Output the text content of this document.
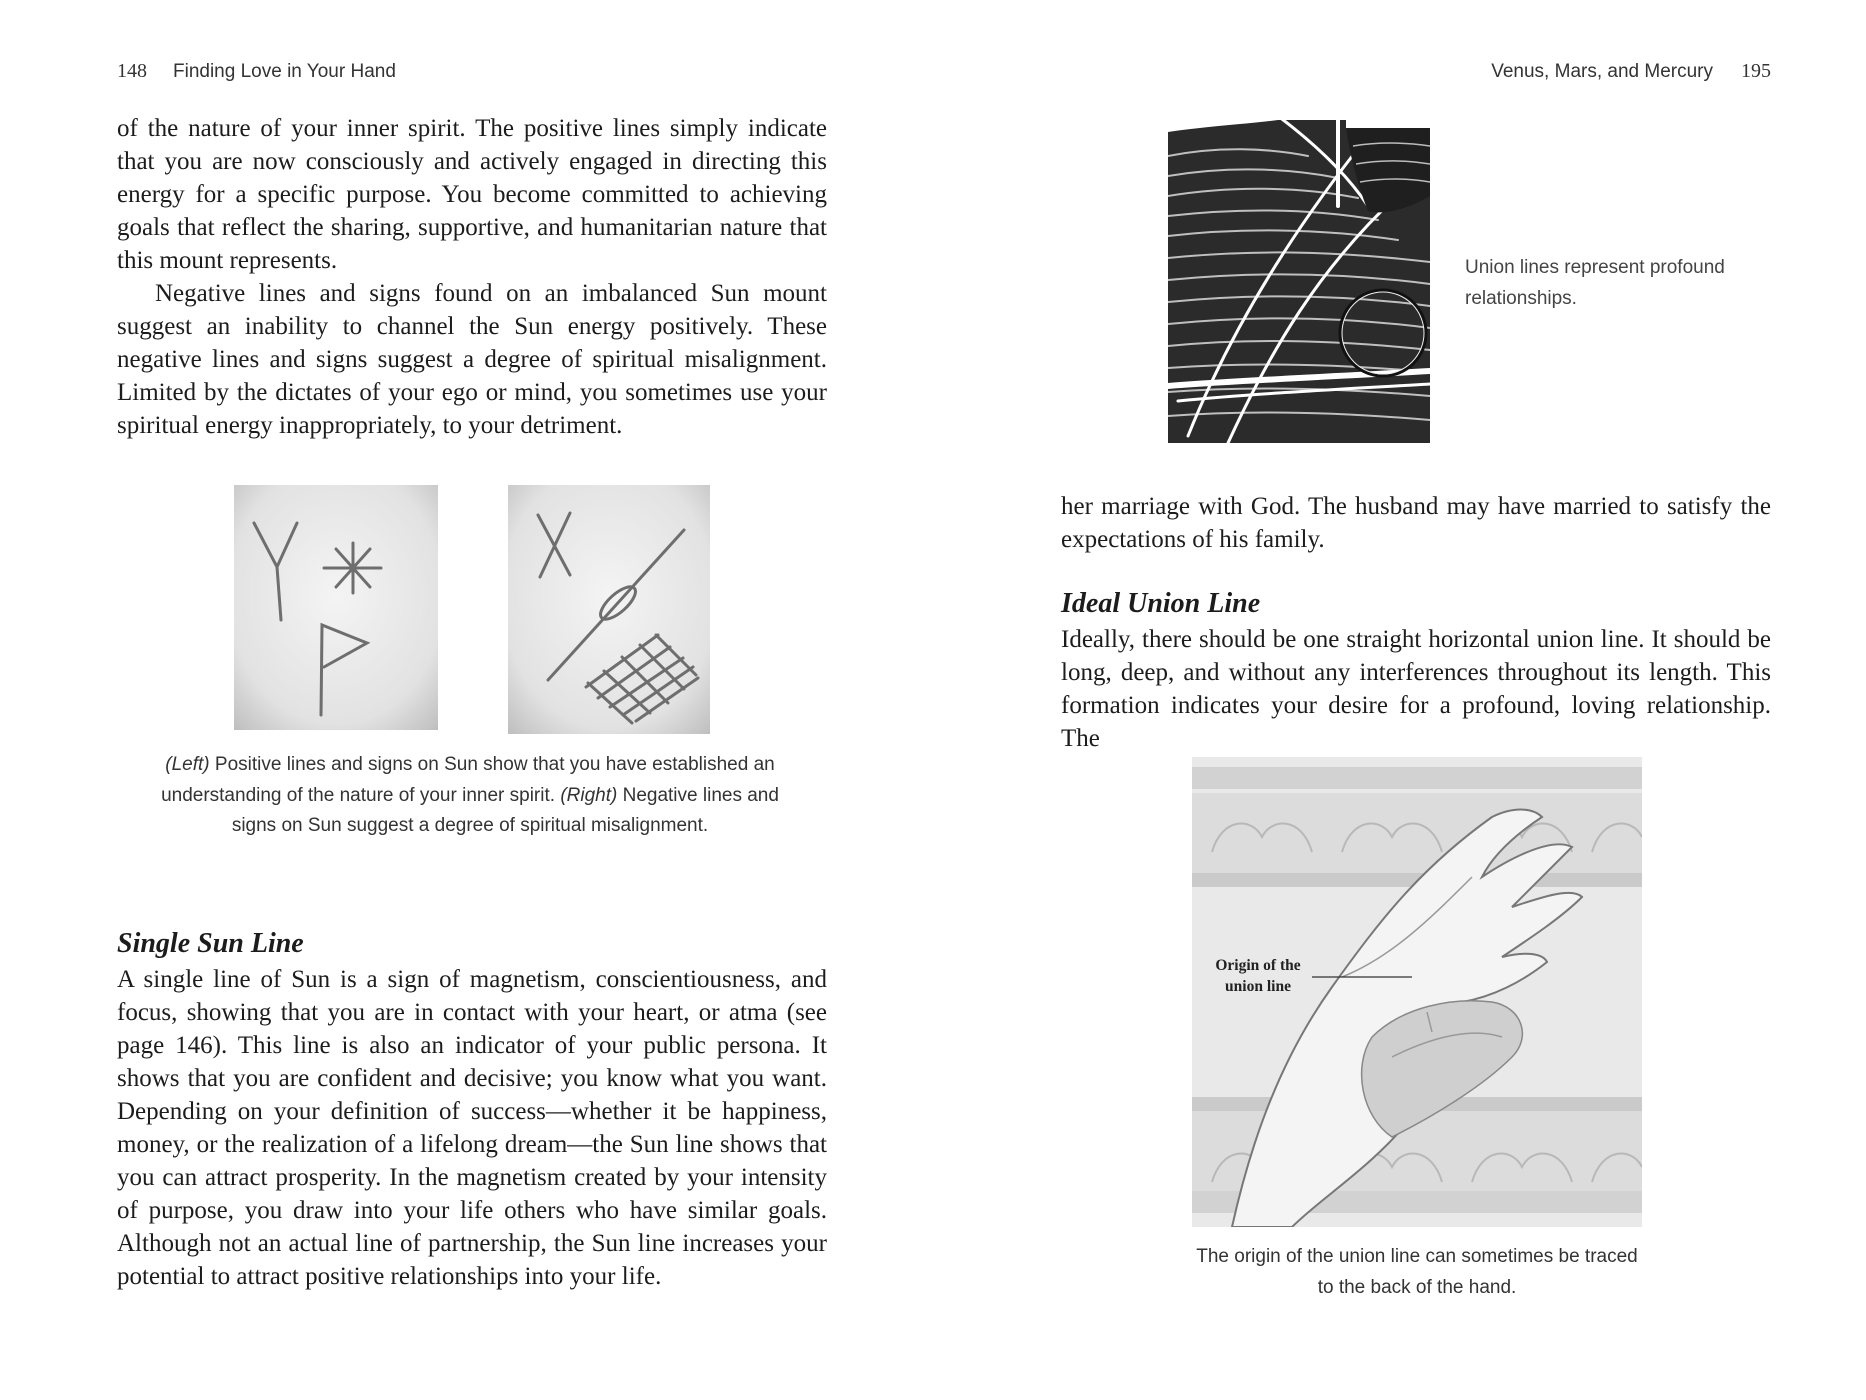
148 Finding Love in Your Hand

of the nature of your inner spirit. The positive lines simply indicate that you are now consciously and actively engaged in directing this energy for a specific purpose. You become committed to achieving goals that reflect the sharing, supportive, and humanitarian nature that this mount represents.

Negative lines and signs found on an imbalanced Sun mount suggest an inability to channel the Sun energy positively. These negative lines and signs suggest a degree of spiritual misalignment. Limited by the dictates of your ego or mind, you sometimes use your spiritual energy inappropriately, to your detriment.

(Left) Positive lines and signs on Sun show that you have established an understanding of the nature of your inner spirit. (Right) Negative lines and signs on Sun suggest a degree of spiritual misalignment.
Single Sun Line

A single line of Sun is a sign of magnetism, conscientiousness, and focus, showing that you are in contact with your heart, or atma (see page 146). This line is also an indicator of your public persona. It shows that you are confident and decisive; you know what you want. Depending on your definition of success—whether it be happiness, money, or the realization of a lifelong dream—the Sun line shows that you can attract prosperity. In the magnetism created by your intensity of purpose, you draw into your life others who have similar goals. Although not an actual line of partnership, the Sun line increases your potential to attract positive relationships into your life.

Venus, Mars, and Mercury 195

Union lines represent profound relationships.

her marriage with God. The husband may have married to satisfy the expectations of his family.

Ideal Union Line

Ideally, there should be one straight horizontal union line. It should be long, deep, and without any interferences throughout its length. This formation indicates your desire for a profound, loving relationship. The

Origin of the
union line

The origin of the union line can sometimes be traced to the back of the hand.
